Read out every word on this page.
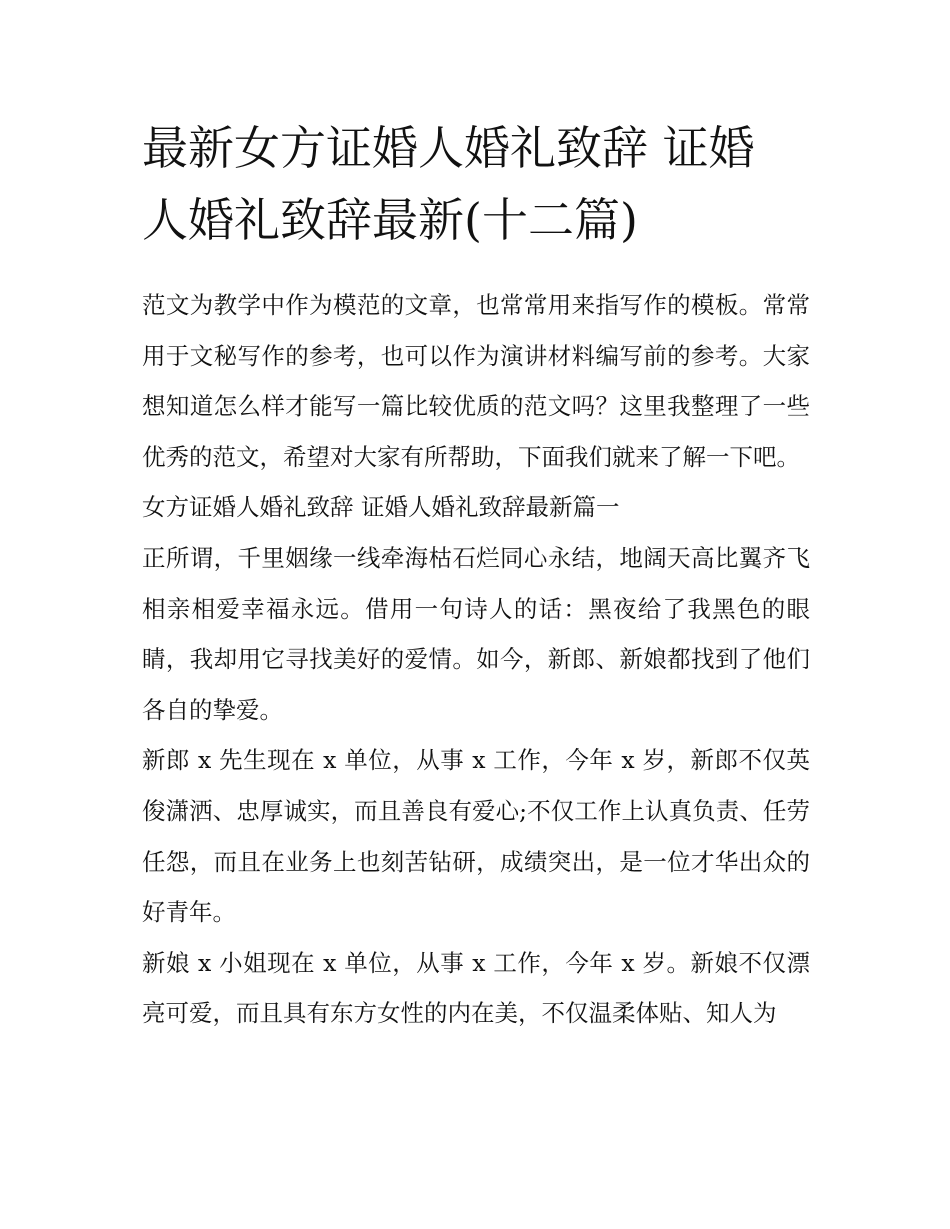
最新女方证婚人婚礼致辞 证婚
人婚礼致辞最新(十二篇)

范文为教学中作为模范的文章，也常常用来指写作的模板。常常用于文秘写作的参考，也可以作为演讲材料编写前的参考。大家想知道怎么样才能写一篇比较优质的范文吗？这里我整理了一些优秀的范文，希望对大家有所帮助，下面我们就来了解一下吧。

女方证婚人婚礼致辞 证婚人婚礼致辞最新篇一

正所谓，千里姻缘一线牵海枯石烂同心永结，地阔天高比翼齐飞相亲相爱幸福永远。借用一句诗人的话：黑夜给了我黑色的眼睛，我却用它寻找美好的爱情。如今，新郎、新娘都找到了他们各自的挚爱。

新郎 x 先生现在 x 单位，从事 x 工作，今年 x 岁，新郎不仅英俊潇洒、忠厚诚实，而且善良有爱心;不仅工作上认真负责、任劳任怨，而且在业务上也刻苦钻研，成绩突出，是一位才华出众的好青年。

新娘 x 小姐现在 x 单位，从事 x 工作，今年 x 岁。新娘不仅漂亮可爱，而且具有东方女性的内在美，不仅温柔体贴、知人为
